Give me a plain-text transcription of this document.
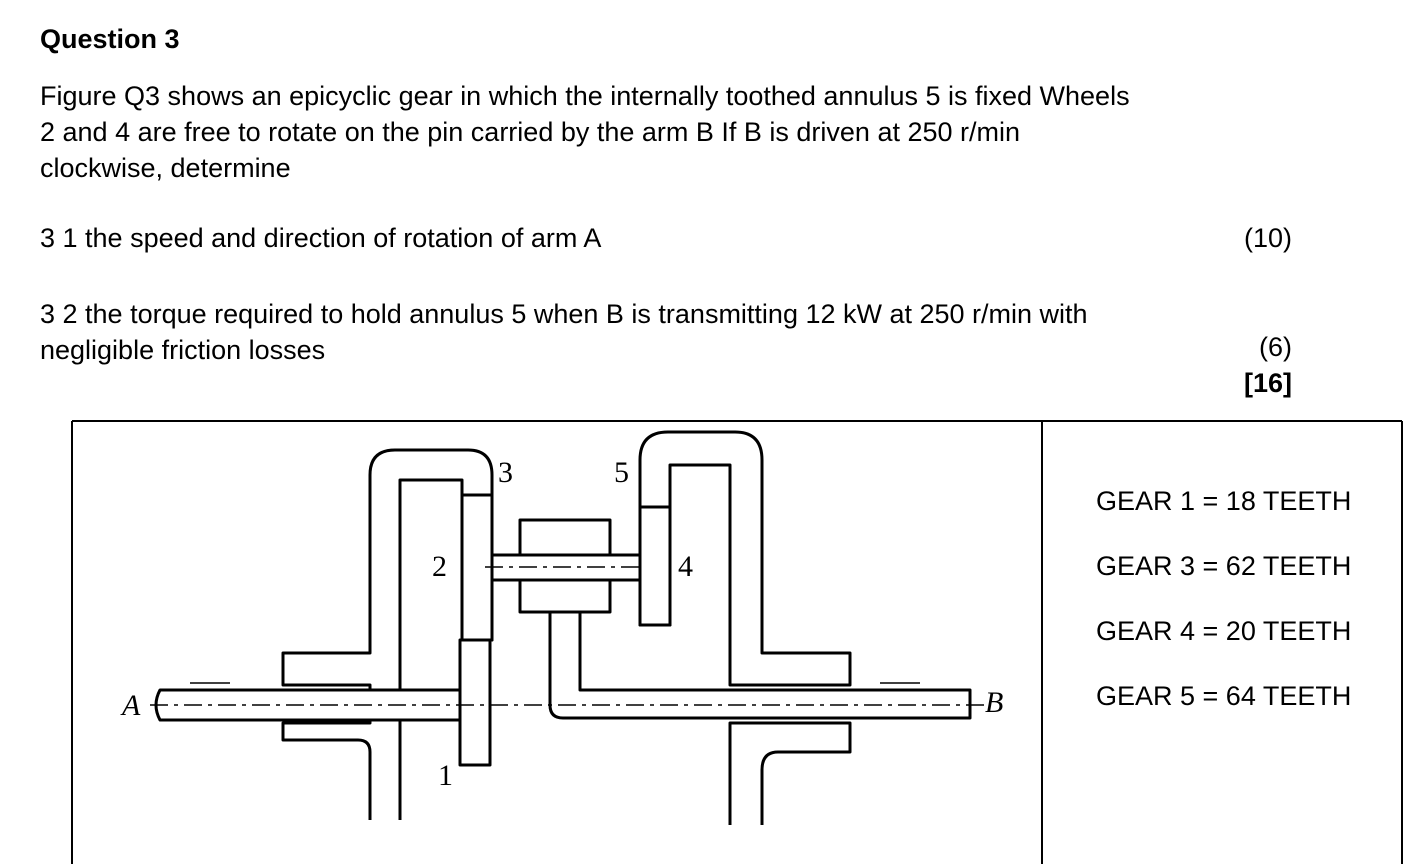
Question 3
Figure Q3 shows an epicyclic gear in which the internally toothed annulus 5 is fixed Wheels
2 and 4 are free to rotate on the pin carried by the arm B If B is driven at 250 r/min
clockwise, determine
3 1 the speed and direction of rotation of arm A	(10)
3 2 the torque required to hold annulus 5 when B is transmitting 12 kW at 250 r/min with
negligible friction losses	(6)
[16]
A	B
1
2
3
4
5
GEAR 1 = 18 TEETH
GEAR 3 = 62 TEETH
GEAR 4 = 20 TEETH
GEAR 5 = 64 TEETH
